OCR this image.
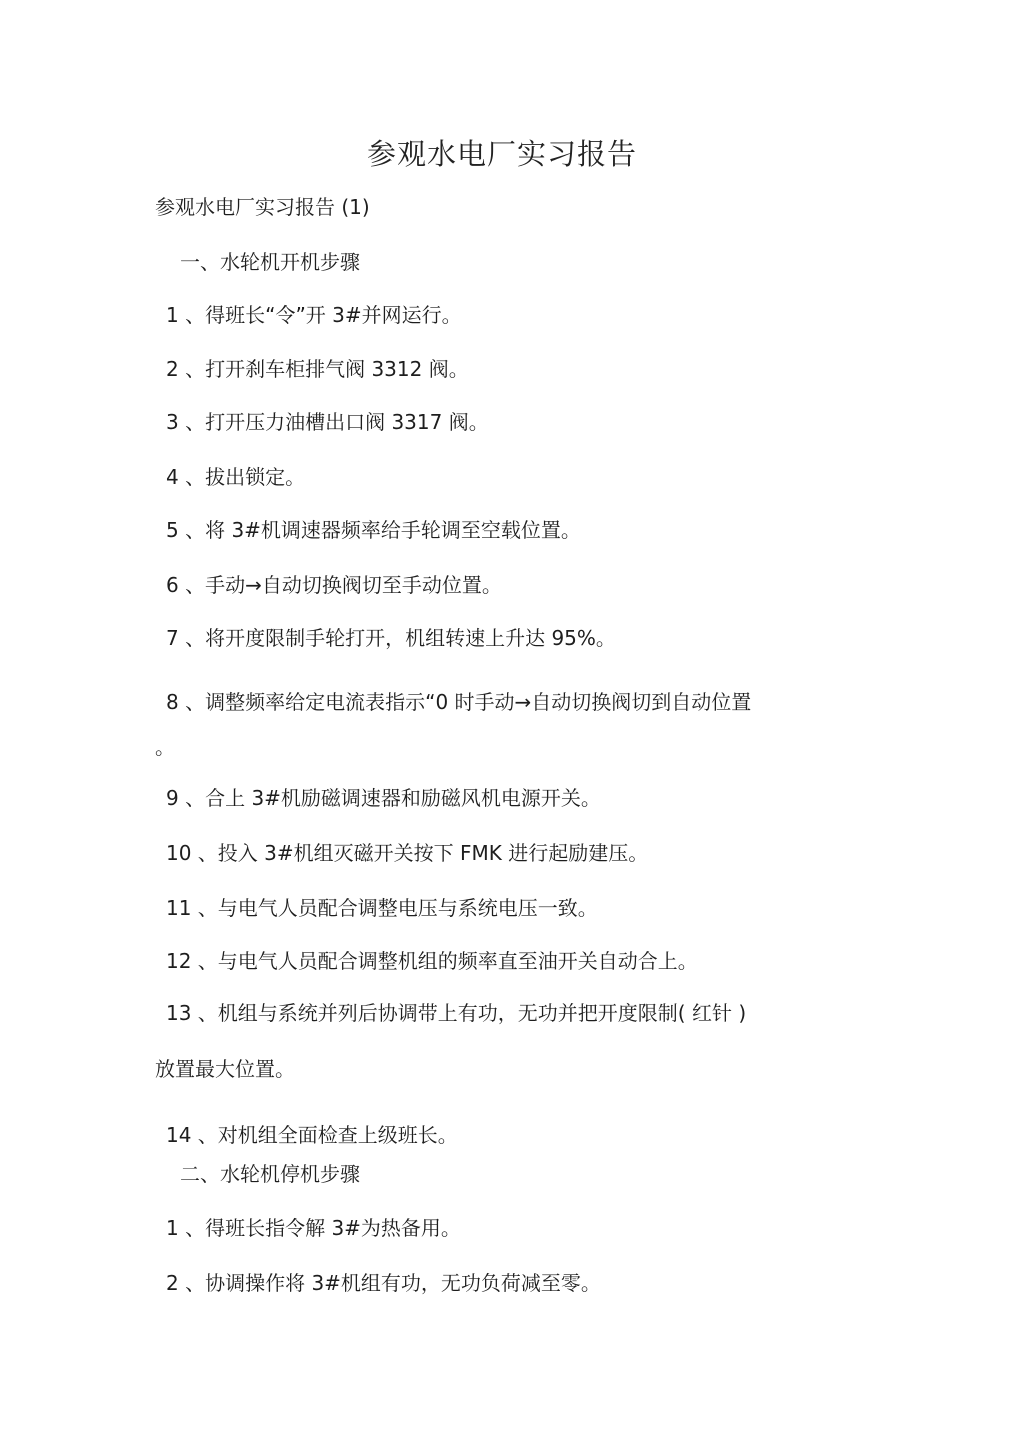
参观水电厂实习报告
参观水电厂实习报告 (1)
一、水轮机开机步骤
1 、得班长“令”开 3#并网运行。
2 、打开刹车柜排气阀 3312 阀。
3 、打开压力油槽出口阀 3317 阀。
4 、拔出锁定。
5 、将 3#机调速器频率给手轮调至空载位置。
6 、手动→自动切换阀切至手动位置。
7 、将开度限制手轮打开，机组转速上升达 95%。
8 、调整频率给定电流表指示“0 时手动→自动切换阀切到自动位置
。
9 、合上 3#机励磁调速器和励磁风机电源开关。
10 、投入 3#机组灭磁开关按下 FMK 进行起励建压。
11 、与电气人员配合调整电压与系统电压一致。
12 、与电气人员配合调整机组的频率直至油开关自动合上。
13 、机组与系统并列后协调带上有功，无功并把开度限制( 红针 )
放置最大位置。
14 、对机组全面检查上级班长。
二、水轮机停机步骤
1 、得班长指令解 3#为热备用。
2 、协调操作将 3#机组有功，无功负荷减至零。
